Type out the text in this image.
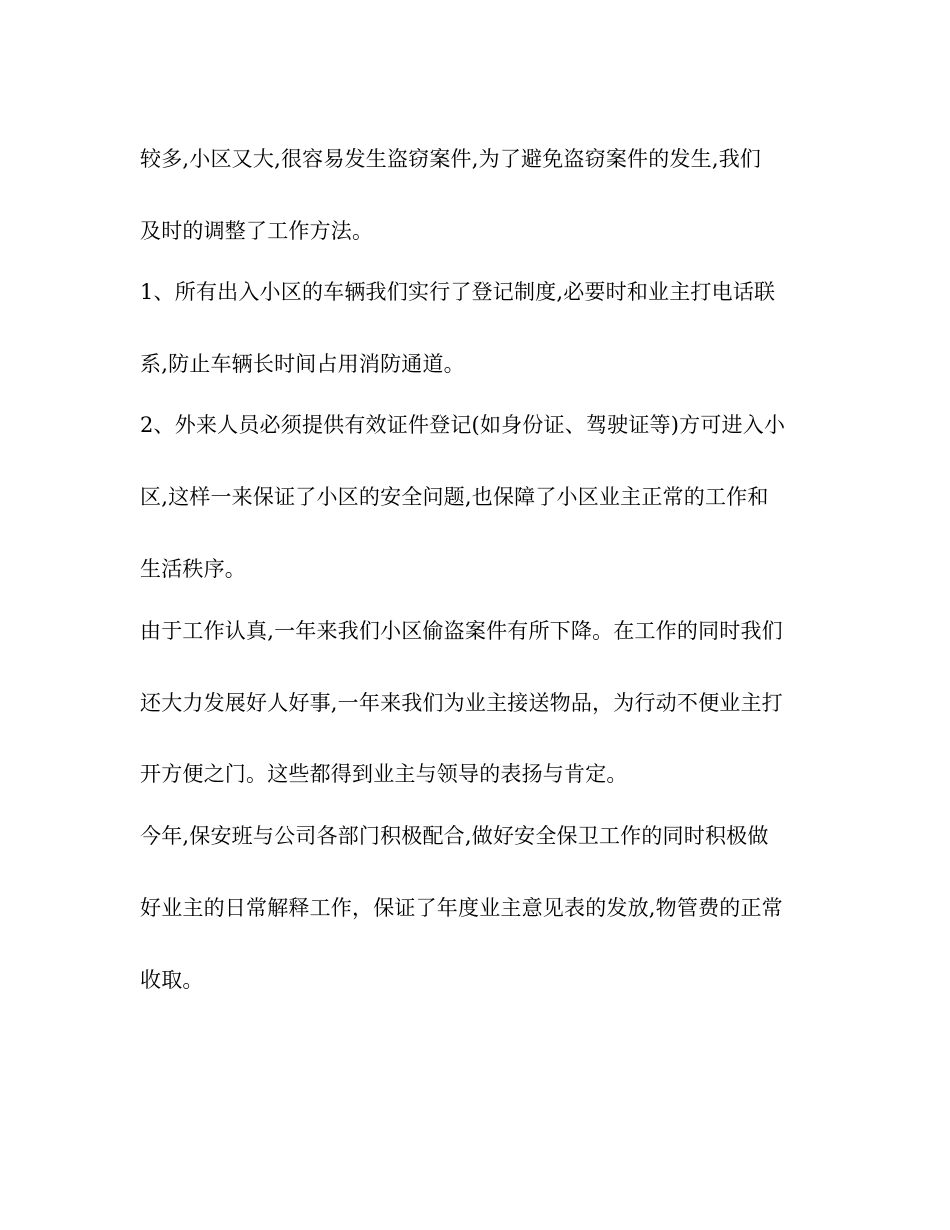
较多,小区又大,很容易发生盗窃案件,为了避免盗窃案件的发生,我们
及时的调整了工作方法。
1、所有出入小区的车辆我们实行了登记制度,必要时和业主打电话联
系,防止车辆长时间占用消防通道。
2、外来人员必须提供有效证件登记(如身份证、驾驶证等)方可进入小
区,这样一来保证了小区的安全问题,也保障了小区业主正常的工作和
生活秩序。
由于工作认真,一年来我们小区偷盗案件有所下降。在工作的同时我们
还大力发展好人好事,一年来我们为业主接送物品，为行动不便业主打
开方便之门。这些都得到业主与领导的表扬与肯定。
今年,保安班与公司各部门积极配合,做好安全保卫工作的同时积极做
好业主的日常解释工作，保证了年度业主意见表的发放,物管费的正常
收取。
